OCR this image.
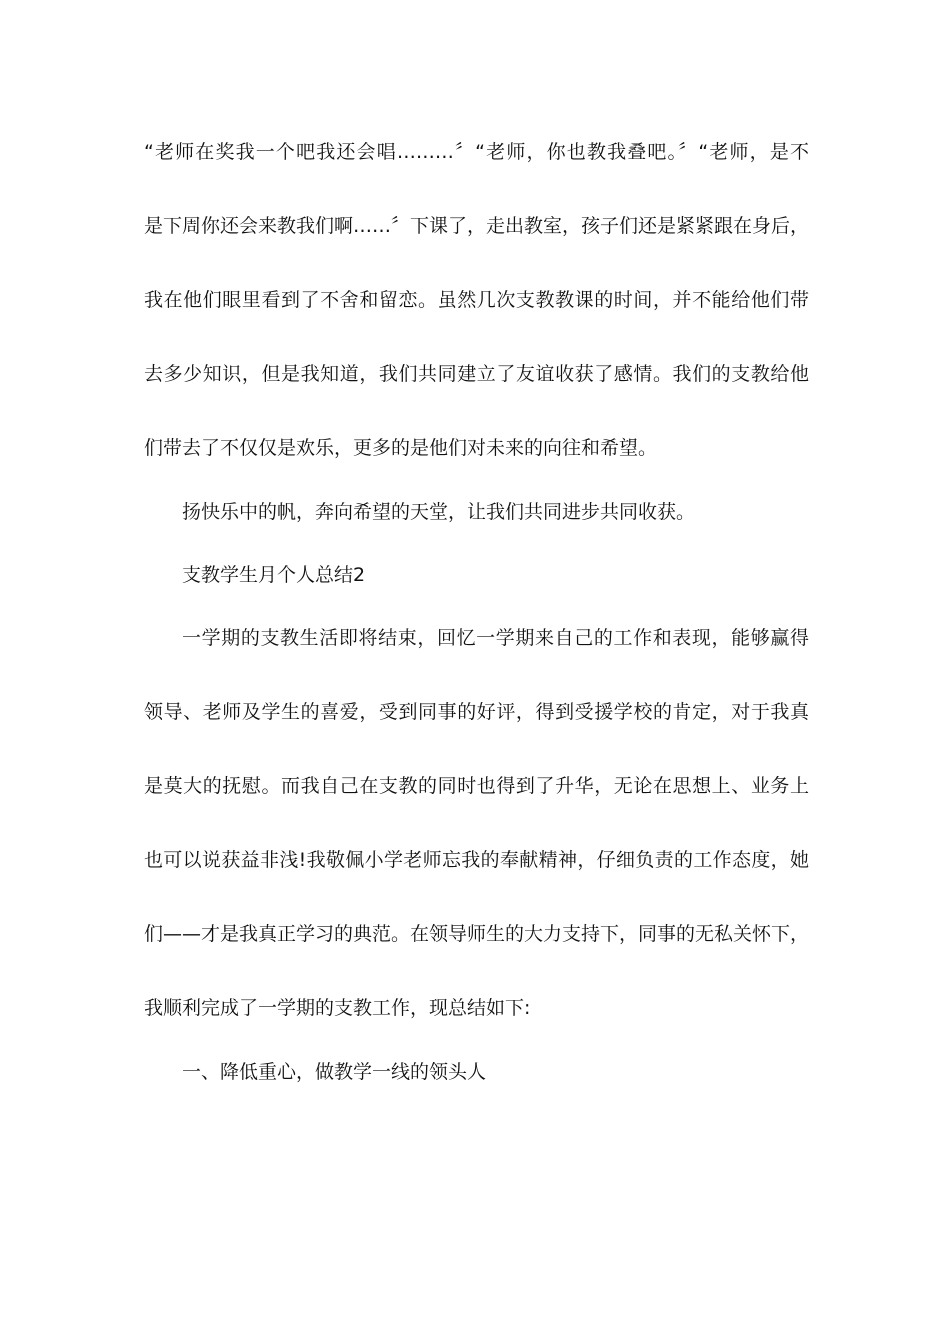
“老师在奖我一个吧我还会唱………〞“老师，你也教我叠吧。〞“老师，是不
是下周你还会来教我们啊……〞下课了，走出教室，孩子们还是紧紧跟在身后，
我在他们眼里看到了不舍和留恋。虽然几次支教教课的时间，并不能给他们带
去多少知识，但是我知道，我们共同建立了友谊收获了感情。我们的支教给他
们带去了不仅仅是欢乐，更多的是他们对未来的向往和希望。
扬快乐中的帆，奔向希望的天堂，让我们共同进步共同收获。
支教学生月个人总结2
一学期的支教生活即将结束，回忆一学期来自己的工作和表现，能够赢得
领导、老师及学生的喜爱，受到同事的好评，得到受援学校的肯定，对于我真
是莫大的抚慰。而我自己在支教的同时也得到了升华，无论在思想上、业务上
也可以说获益非浅!我敬佩小学老师忘我的奉献精神，仔细负责的工作态度，她
们——才是我真正学习的典范。在领导师生的大力支持下，同事的无私关怀下，
我顺利完成了一学期的支教工作，现总结如下:
一、降低重心，做教学一线的领头人
